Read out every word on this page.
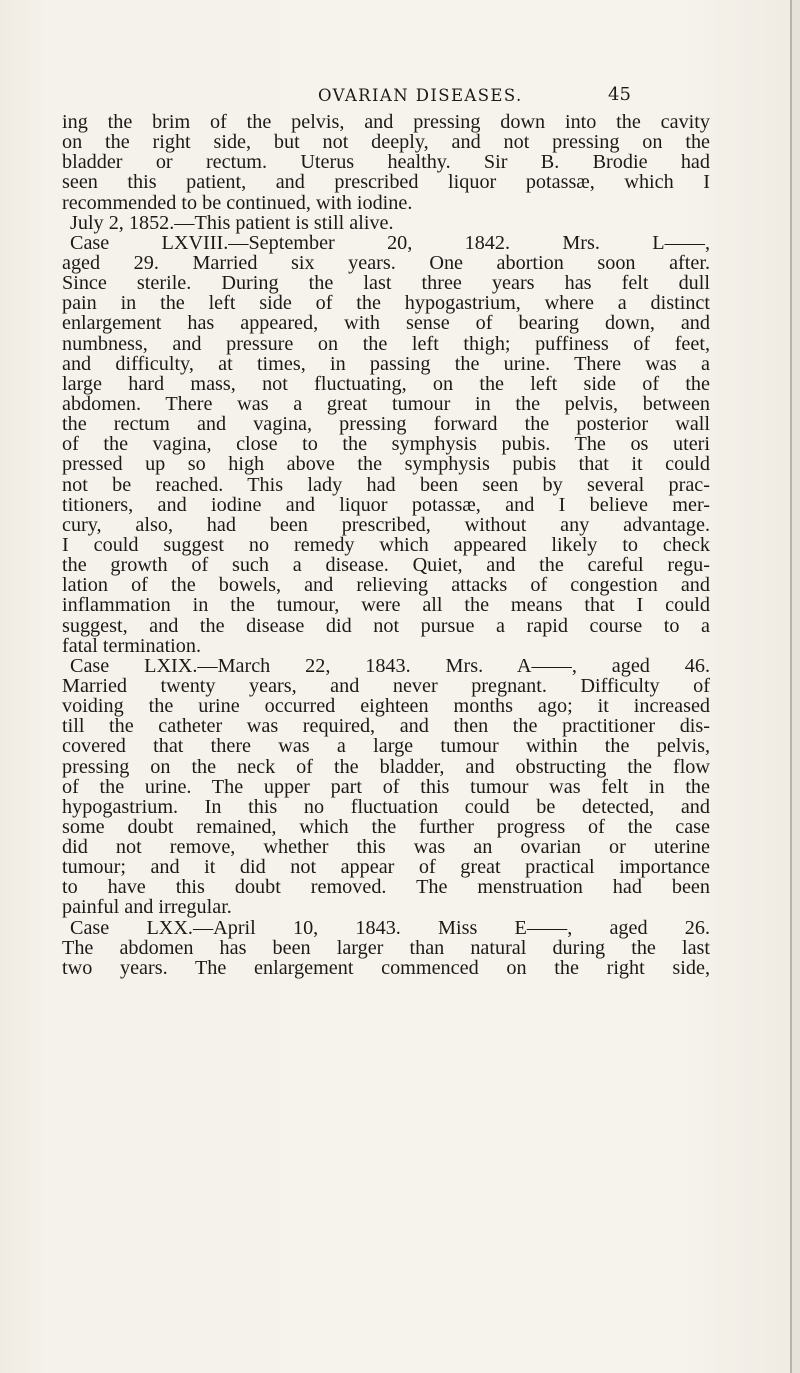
OVARIAN DISEASES.	45
ing the brim of the pelvis, and pressing down into the cavity
on the right side, but not deeply, and not pressing on the
bladder or rectum. Uterus healthy. Sir B. Brodie had
seen this patient, and prescribed liquor potassæ, which I
recommended to be continued, with iodine.
July 2, 1852.—This patient is still alive.
Case LXVIII.—September 20, 1842. Mrs. L——,
aged 29. Married six years. One abortion soon after.
Since sterile. During the last three years has felt dull
pain in the left side of the hypogastrium, where a distinct
enlargement has appeared, with sense of bearing down, and
numbness, and pressure on the left thigh; puffiness of feet,
and difficulty, at times, in passing the urine. There was a
large hard mass, not fluctuating, on the left side of the
abdomen. There was a great tumour in the pelvis, between
the rectum and vagina, pressing forward the posterior wall
of the vagina, close to the symphysis pubis. The os uteri
pressed up so high above the symphysis pubis that it could
not be reached. This lady had been seen by several prac-
titioners, and iodine and liquor potassæ, and I believe mer-
cury, also, had been prescribed, without any advantage.
I could suggest no remedy which appeared likely to check
the growth of such a disease. Quiet, and the careful regu-
lation of the bowels, and relieving attacks of congestion and
inflammation in the tumour, were all the means that I could
suggest, and the disease did not pursue a rapid course to a
fatal termination.
Case LXIX.—March 22, 1843. Mrs. A——, aged 46.
Married twenty years, and never pregnant. Difficulty of
voiding the urine occurred eighteen months ago; it increased
till the catheter was required, and then the practitioner dis-
covered that there was a large tumour within the pelvis,
pressing on the neck of the bladder, and obstructing the flow
of the urine. The upper part of this tumour was felt in the
hypogastrium. In this no fluctuation could be detected, and
some doubt remained, which the further progress of the case
did not remove, whether this was an ovarian or uterine
tumour; and it did not appear of great practical importance
to have this doubt removed. The menstruation had been
painful and irregular.
Case LXX.—April 10, 1843. Miss E——, aged 26.
The abdomen has been larger than natural during the last
two years. The enlargement commenced on the right side,
